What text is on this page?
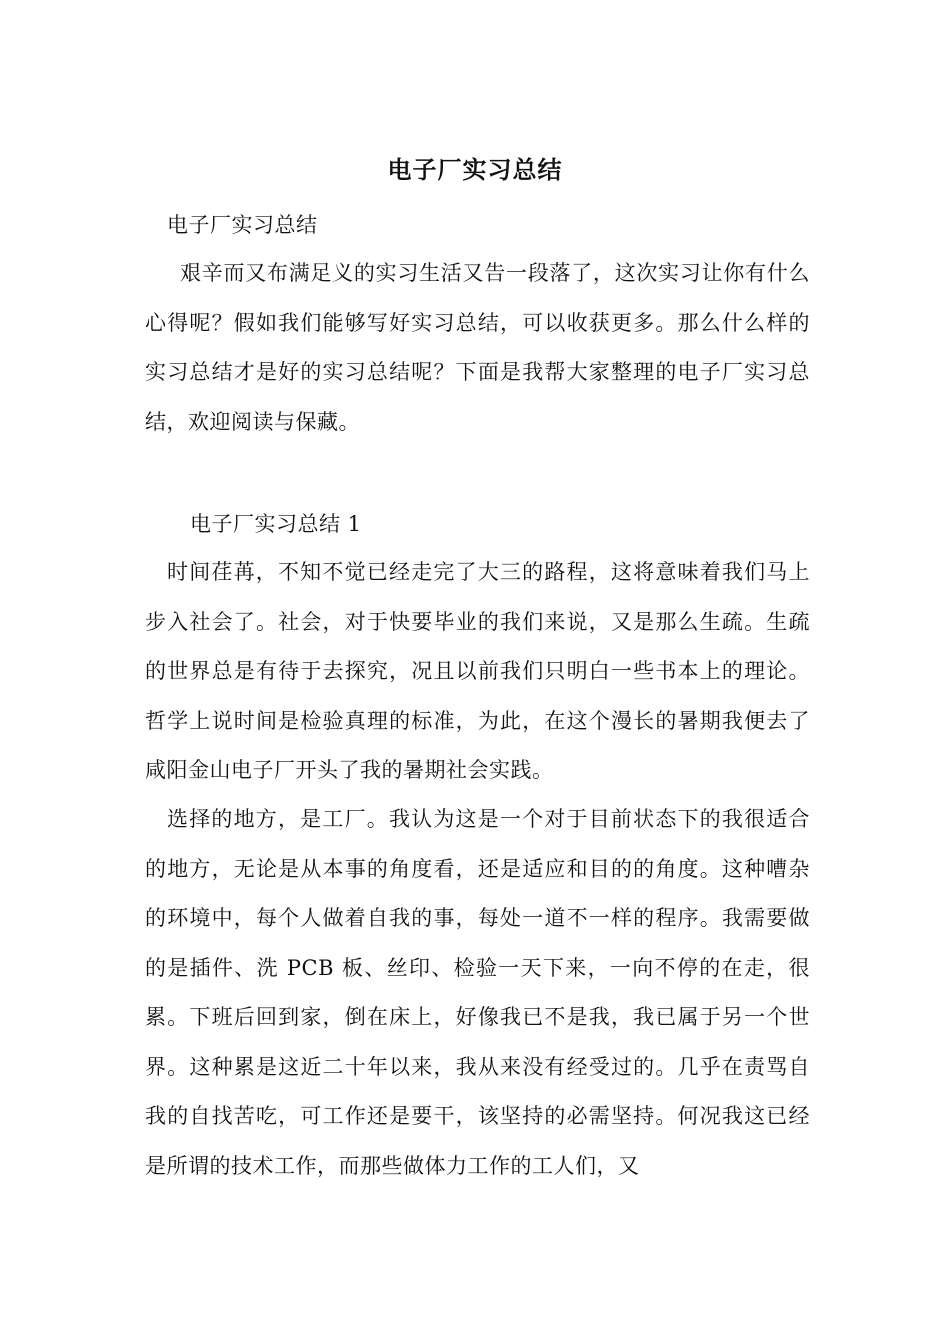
电子厂实习总结
电子厂实习总结
艰辛而又布满足义的实习生活又告一段落了，这次实习让你有什么心得呢？假如我们能够写好实习总结，可以收获更多。那么什么样的实习总结才是好的实习总结呢？下面是我帮大家整理的电子厂实习总结，欢迎阅读与保藏。
电子厂实习总结 1
时间荏苒，不知不觉已经走完了大三的路程，这将意味着我们马上步入社会了。社会，对于快要毕业的我们来说，又是那么生疏。生疏的世界总是有待于去探究，况且以前我们只明白一些书本上的理论。哲学上说时间是检验真理的标准，为此，在这个漫长的暑期我便去了咸阳金山电子厂开头了我的暑期社会实践。
选择的地方，是工厂。我认为这是一个对于目前状态下的我很适合的地方，无论是从本事的角度看，还是适应和目的的角度。这种嘈杂的环境中，每个人做着自我的事，每处一道不一样的程序。我需要做的是插件、洗 PCB 板、丝印、检验一天下来，一向不停的在走，很累。下班后回到家，倒在床上，好像我已不是我，我已属于另一个世界。这种累是这近二十年以来，我从来没有经受过的。几乎在责骂自我的自找苦吃，可工作还是要干，该坚持的必需坚持。何况我这已经是所谓的技术工作，而那些做体力工作的工人们，又
